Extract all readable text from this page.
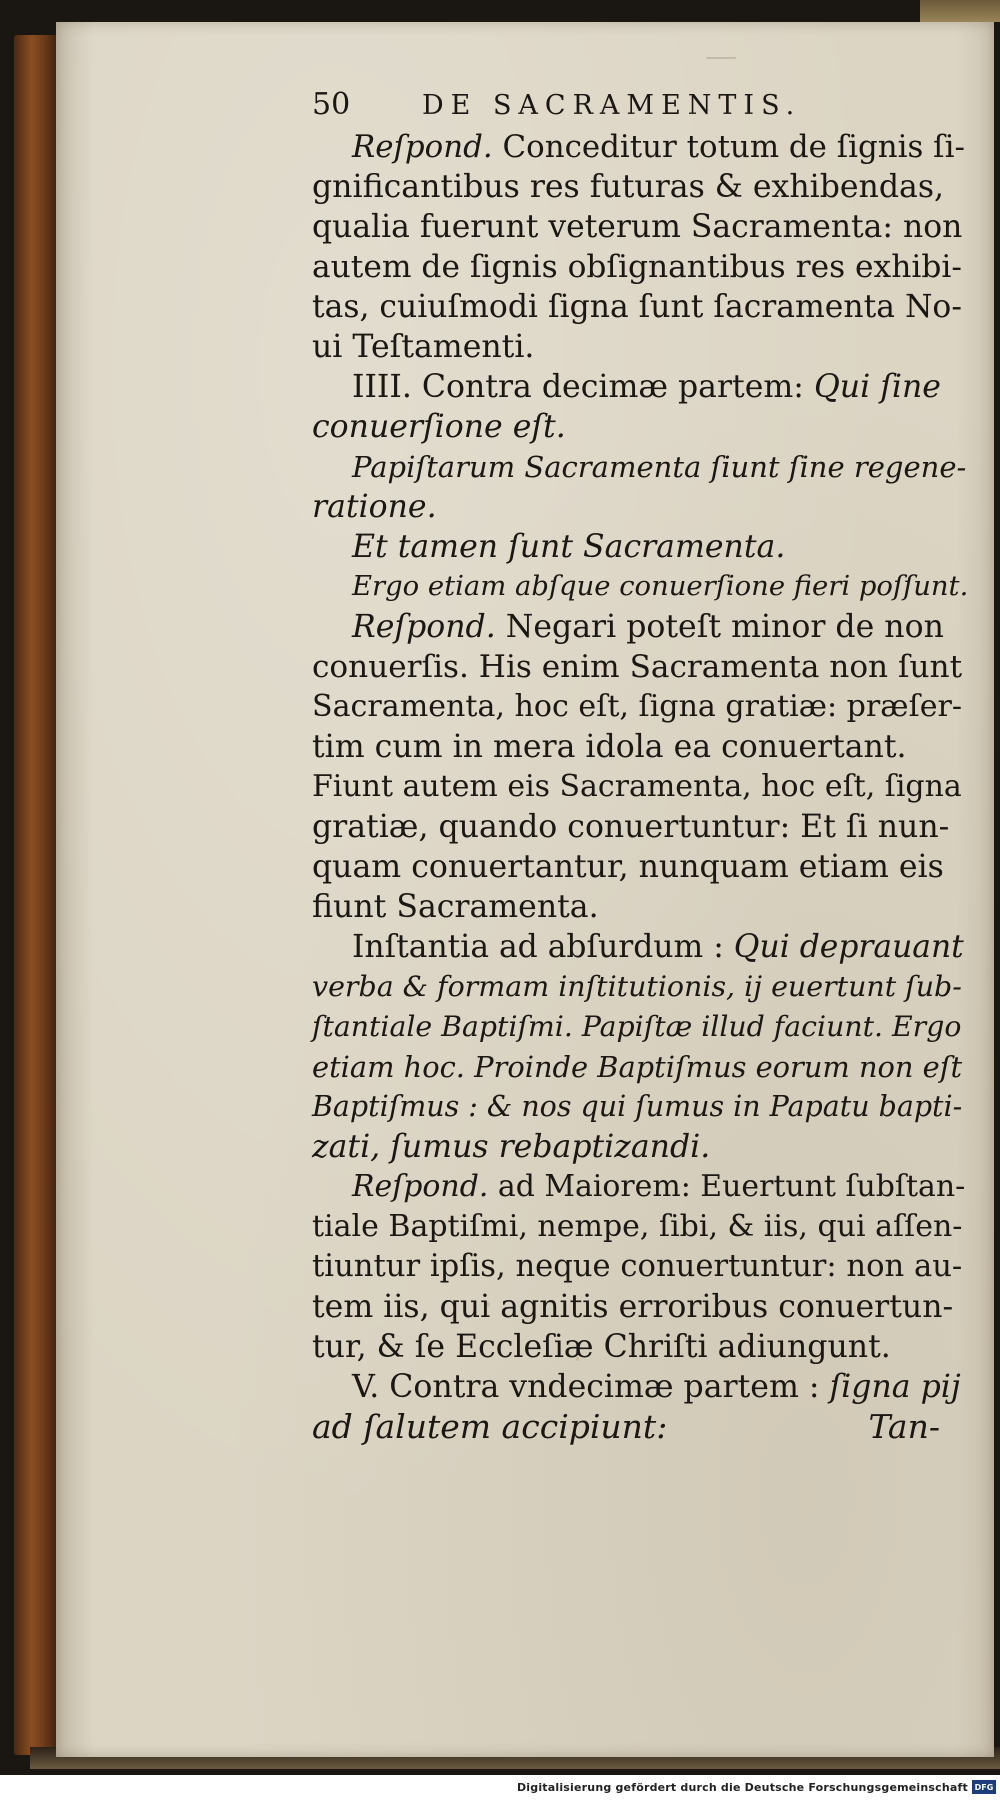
50	DE SACRAMENTIS.
Reſpond. Conceditur totum de ſignis ſi-
gnificantibus res futuras & exhibendas,
qualia fuerunt veterum Sacramenta: non
autem de ſignis obſignantibus res exhibi-
tas, cuiuſmodi ſigna ſunt ſacramenta No-
ui Teſtamenti.
IIII. Contra decimæ partem: Qui ſine
conuerſione eſt.
Papiſtarum Sacramenta ſiunt ſine regene-
ratione.
Et tamen ſunt Sacramenta.
Ergo etiam abſque conuerſione fieri poſſunt.
Reſpond. Negari poteſt minor de non
conuerſis. His enim Sacramenta non ſunt
Sacramenta, hoc eſt, ſigna gratiæ: præſer-
tim cum in mera idola ea conuertant.
Fiunt autem eis Sacramenta, hoc eſt, ſigna
gratiæ, quando conuertuntur: Et ſi nun-
quam conuertantur, nunquam etiam eis
fiunt Sacramenta.
Inſtantia ad abſurdum : Qui deprauant
verba & formam inſtitutionis, ij euertunt ſub-
ſtantiale Baptiſmi. Papiſtæ illud faciunt. Ergo
etiam hoc. Proinde Baptiſmus eorum non eſt
Baptiſmus : & nos qui ſumus in Papatu bapti-
zati, ſumus rebaptizandi.
Reſpond. ad Maiorem: Euertunt ſubſtan-
tiale Baptiſmi, nempe, ſibi, & iis, qui aſſen-
tiuntur ipſis, neque conuertuntur: non au-
tem iis, qui agnitis erroribus conuertun-
tur, & ſe Eccleſiæ Chriſti adiungunt.
V. Contra vndecimæ partem : ſigna pij
ad ſalutem accipiunt:	Tan-
Digitalisierung gefördert durch die Deutsche Forschungsgemeinschaft DFG
